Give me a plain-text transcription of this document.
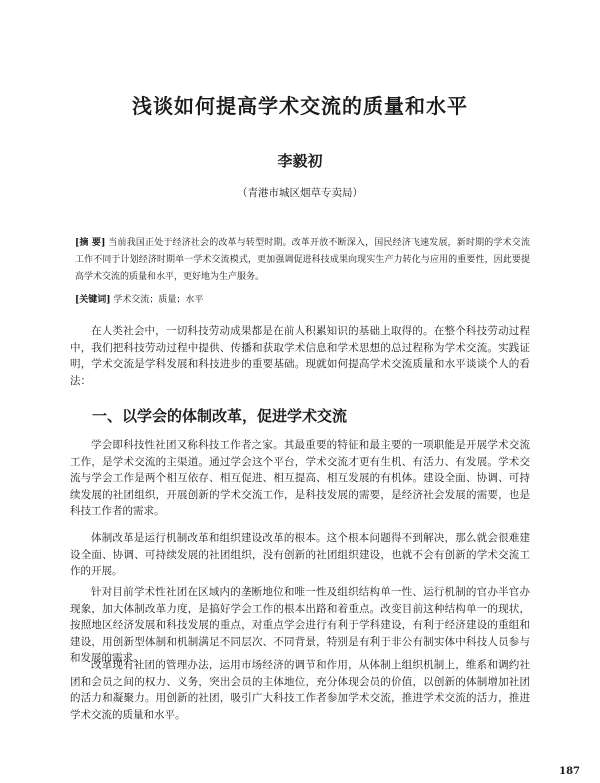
浅谈如何提高学术交流的质量和水平
李毅初
（青港市城区烟草专卖局）

[摘 要] 当前我国正处于经济社会的改革与转型时期。改革开放不断深入，国民经济飞速发展，新时期的学术交流工作不同于计划经济时期单一学术交流模式，更加强调促进科技成果向现实生产力转化与应用的重要性，因此要提高学术交流的质量和水平，更好地为生产服务。

[关键词] 学术交流；质量；水平

在人类社会中，一切科技劳动成果都是在前人积累知识的基础上取得的。在整个科技劳动过程中，我们把科技劳动过程中提供、传播和获取学术信息和学术思想的总过程称为学术交流。实践证明，学术交流是学科发展和科技进步的重要基础。现就如何提高学术交流质量和水平谈谈个人的看法：

一、以学会的体制改革，促进学术交流

学会即科技性社团又称科技工作者之家。其最重要的特征和最主要的一项职能是开展学术交流工作，是学术交流的主渠道。通过学会这个平台，学术交流才更有生机、有活力、有发展。学术交流与学会工作是两个相互依存、相互促进、相互提高、相互发展的有机体。建设全面、协调、可持续发展的社团组织，开展创新的学术交流工作，是科技发展的需要，是经济社会发展的需要，也是科技工作者的需求。

体制改革是运行机制改革和组织建设改革的根本。这个根本问题得不到解决，那么就会很难建设全面、协调、可持续发展的社团组织，没有创新的社团组织建设，也就不会有创新的学术交流工作的开展。

针对目前学术性社团在区域内的垄断地位和唯一性及组织结构单一性、运行机制的官办半官办现象，加大体制改革力度，是搞好学会工作的根本出路和着重点。改变目前这种结构单一的现状，按照地区经济发展和科技发展的重点，对重点学会进行有利于学科建设，有利于经济建设的重组和建设，用创新型体制和机制满足不同层次、不同背景，特别是有利于非公有制实体中科技人员参与和发展的需求。

改革现有社团的管理办法，运用市场经济的调节和作用，从体制上组织机制上，维系和调约社团和会员之间的权力、义务，突出会员的主体地位，充分体现会员的价值，以创新的体制增加社团的活力和凝聚力。用创新的社团，吸引广大科技工作者参加学术交流，推进学术交流的活力，推进学术交流的质量和水平。

187
